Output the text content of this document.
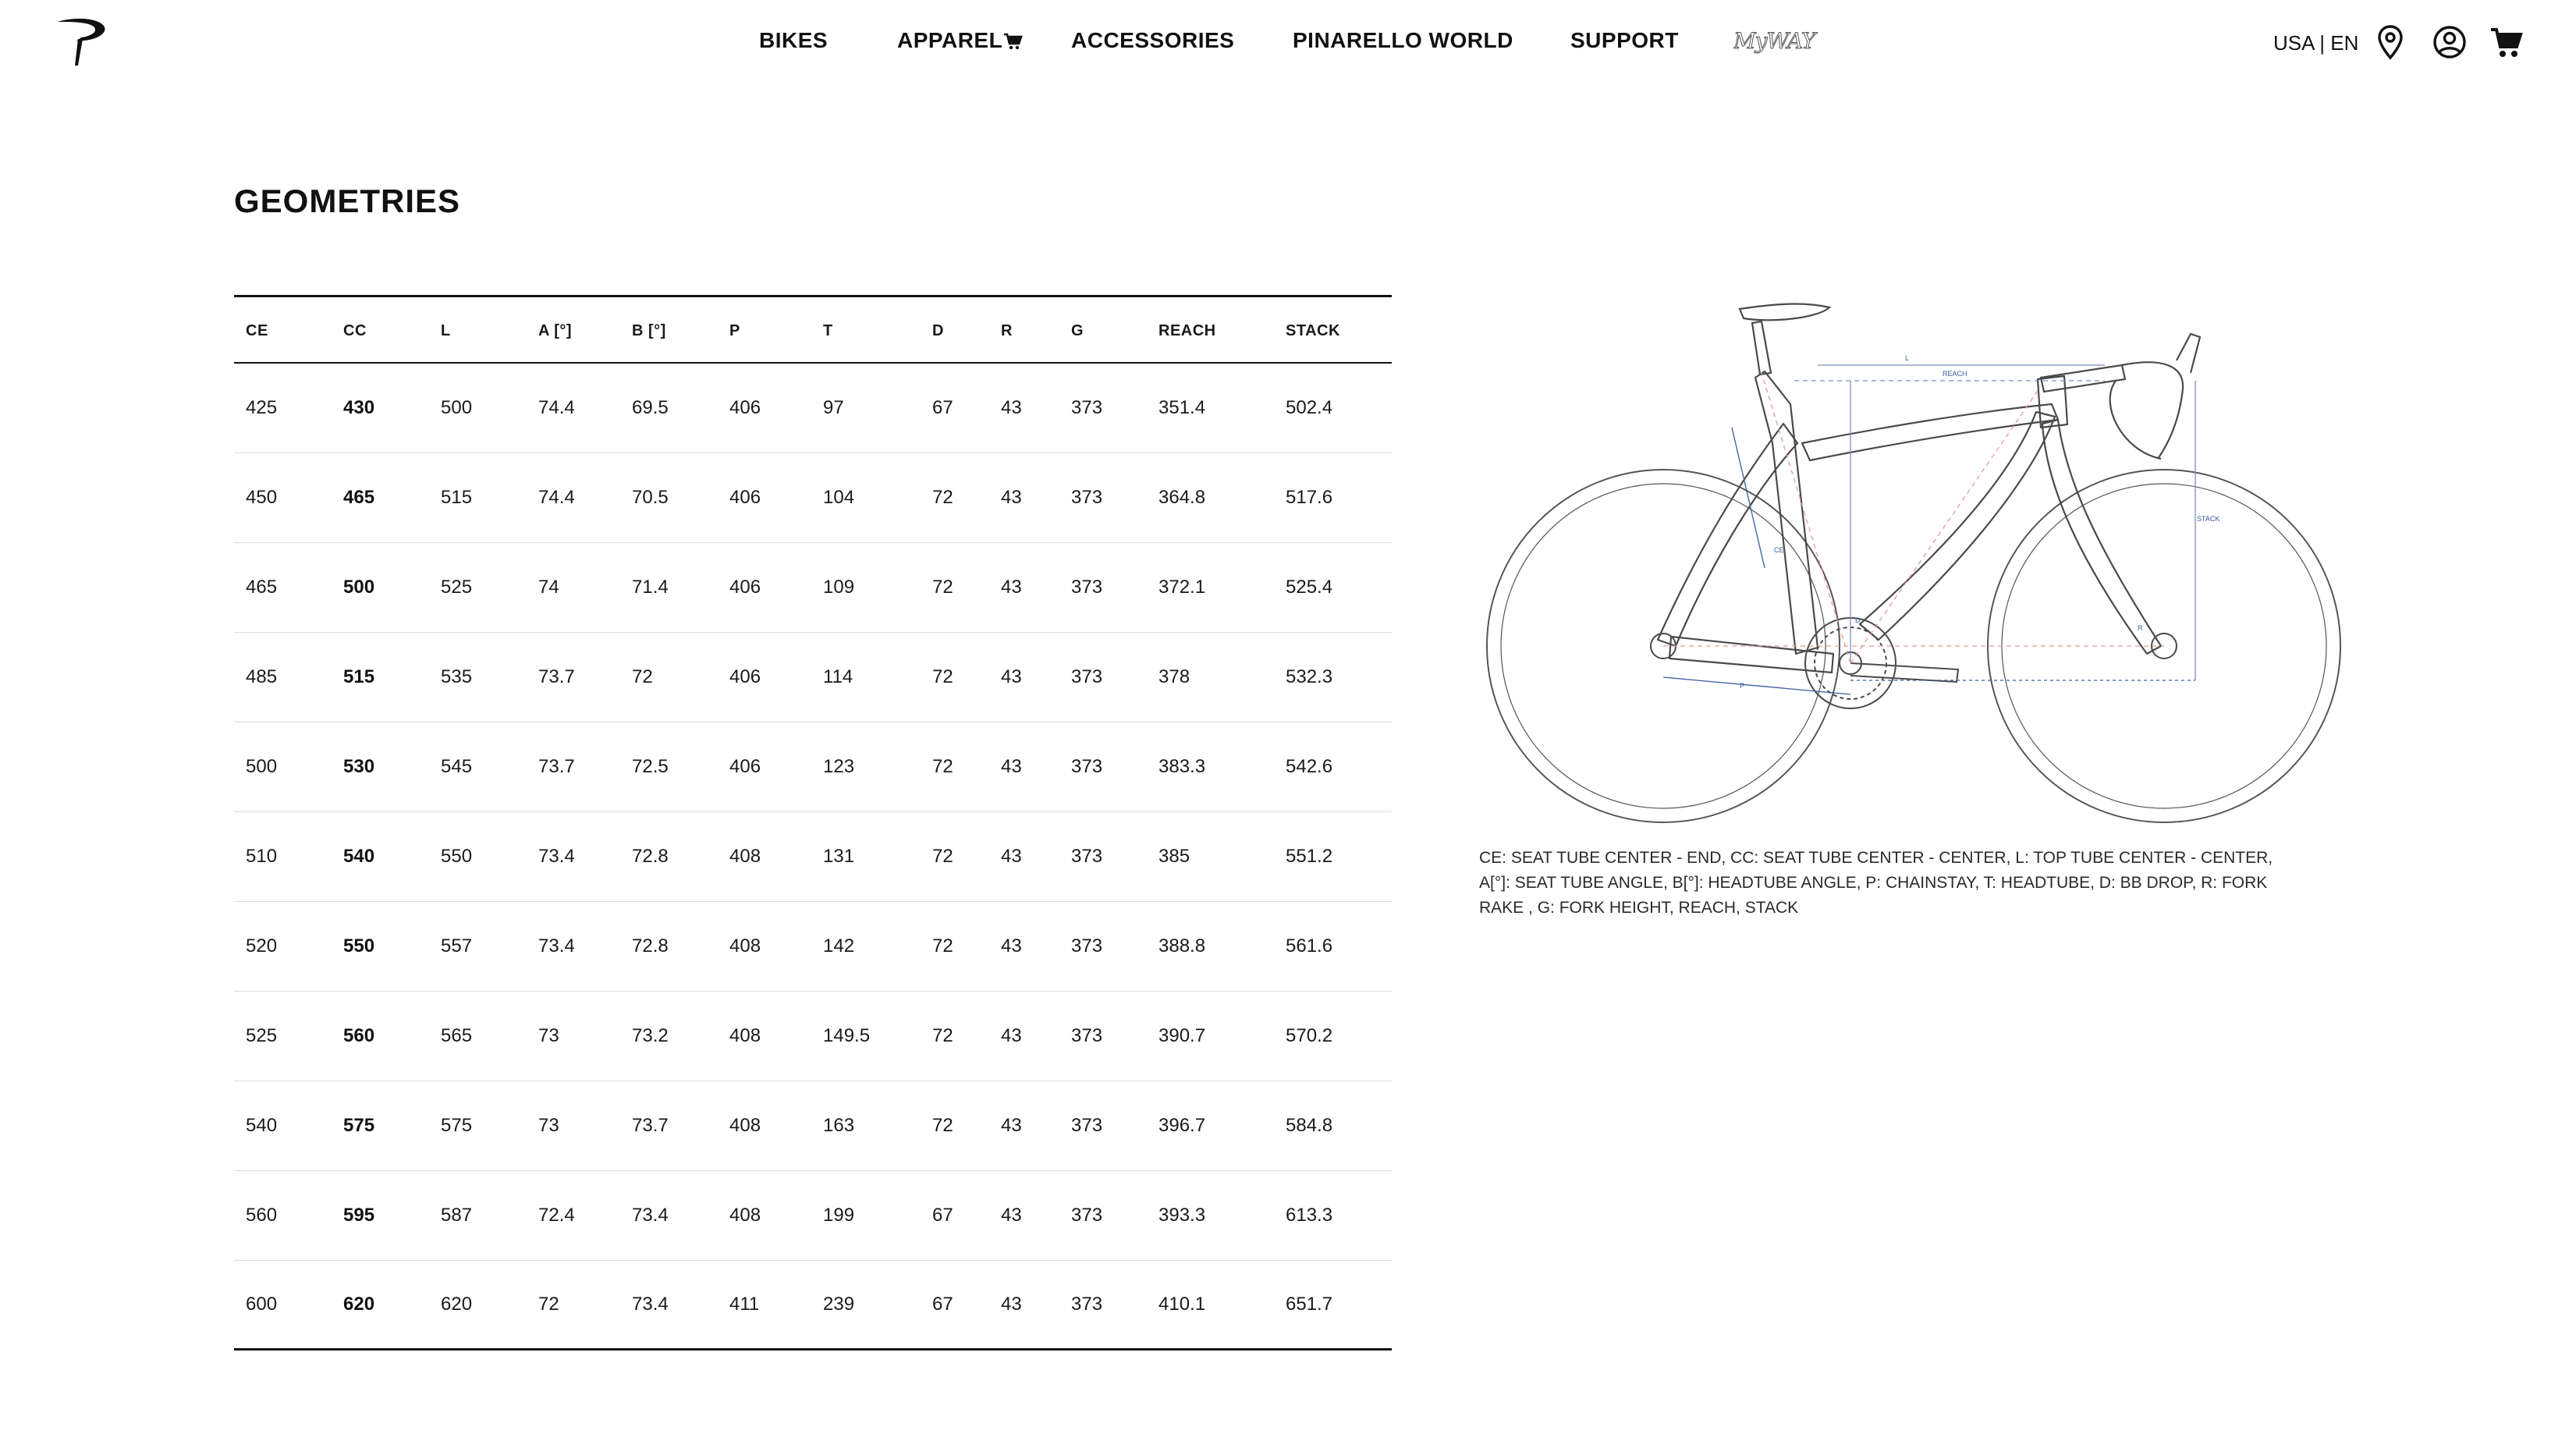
BIKES	APPAREL	ACCESSORIES	PINARELLO WORLD	SUPPORT	MyWAY	USA | EN
GEOMETRIES
CE	CC	L	A [°]	B [°]	P	T	D	R	G	REACH	STACK
425	430	500	74.4	69.5	406	97	67	43	373	351.4	502.4
450	465	515	74.4	70.5	406	104	72	43	373	364.8	517.6
465	500	525	74	71.4	406	109	72	43	373	372.1	525.4
485	515	535	73.7	72	406	114	72	43	373	378	532.3
500	530	545	73.7	72.5	406	123	72	43	373	383.3	542.6
510	540	550	73.4	72.8	408	131	72	43	373	385	551.2
520	550	557	73.4	72.8	408	142	72	43	373	388.8	561.6
525	560	565	73	73.2	408	149.5	72	43	373	390.7	570.2
540	575	575	73	73.7	408	163	72	43	373	396.7	584.8
560	595	587	72.4	73.4	408	199	67	43	373	393.3	613.3
600	620	620	72	73.4	411	239	67	43	373	410.1	651.7
L
REACH
STACK
CE
P
D
R
CE: SEAT TUBE CENTER - END, CC: SEAT TUBE CENTER - CENTER, L: TOP TUBE CENTER - CENTER, A[°]: SEAT TUBE ANGLE, B[°]: HEADTUBE ANGLE, P: CHAINSTAY, T: HEADTUBE, D: BB DROP, R: FORK RAKE , G: FORK HEIGHT, REACH, STACK
